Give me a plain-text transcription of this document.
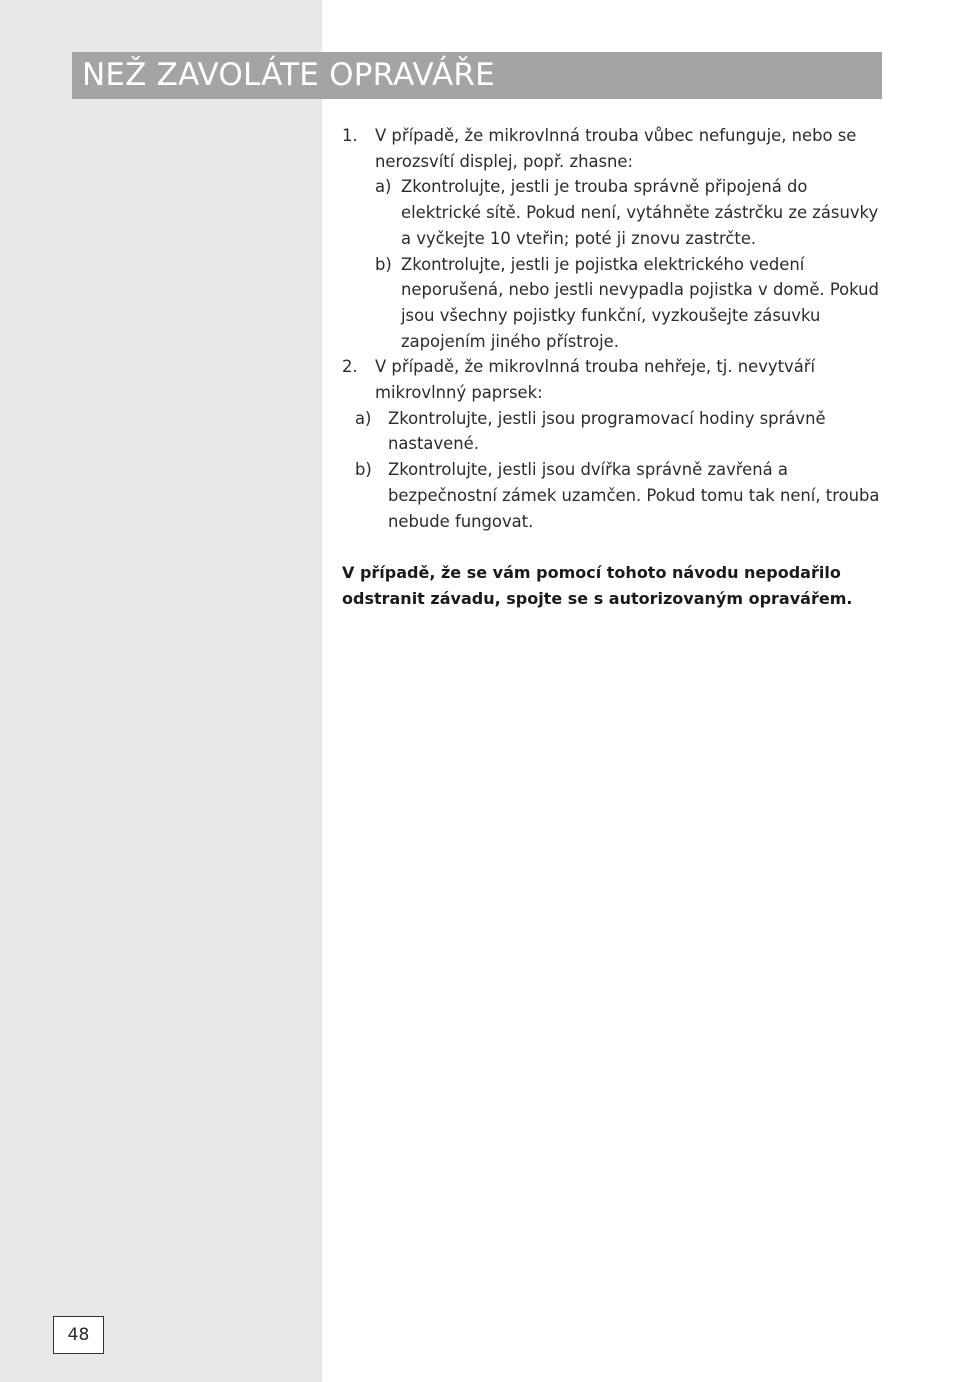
NEŽ ZAVOLÁTE OPRAVÁŘE
1. V případě, že mikrovlnná trouba vůbec nefunguje, nebo se nerozsvítí displej, popř. zhasne:
a) Zkontrolujte, jestli je trouba správně připojená do elektrické sítě. Pokud není, vytáhněte zástrčku ze zásuvky a vyčkejte 10 vteřin; poté ji znovu zastrčte.
b) Zkontrolujte, jestli je pojistka elektrického vedení neporušená, nebo jestli nevypadla pojistka v domě. Pokud jsou všechny pojistky funkční, vyzkoušejte zásuvku zapojením jiného přístroje.
2. V případě, že mikrovlnná trouba nehřeje, tj. nevytváří mikrovlnný paprsek:
a)	Zkontrolujte, jestli jsou programovací hodiny správně nastavené.
b) Zkontrolujte, jestli jsou dvířka správně zavřená a bezpečnostní zámek uzamčen. Pokud tomu tak není, trouba nebude fungovat.
V případě, že se vám pomocí tohoto návodu nepodařilo odstranit závadu, spojte se s autorizovaným opravářem.
48
